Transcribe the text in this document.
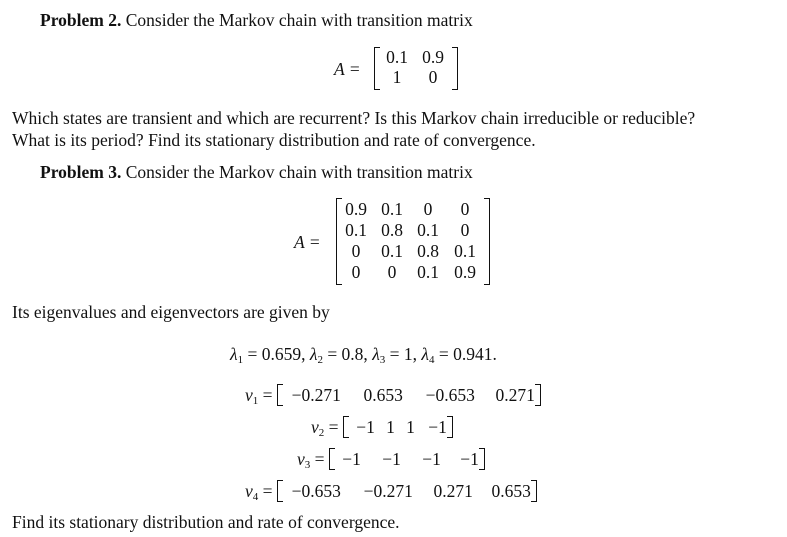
Problem 2. Consider the Markov chain with transition matrix
A =
0.1 0.9
1	0
Which states are transient and which are recurrent? Is this Markov chain irreducible or reducible?
What is its period? Find its stationary distribution and rate of convergence.
Problem 3. Consider the Markov chain with transition matrix
A =
0.9 0.1	0	0
0.1 0.8 0.1	0
0	0.1 0.8 0.1
0	0	0.1 0.9
Its eigenvalues and eigenvectors are given by
$\lambda_1 = 0.659$, $\lambda_2 = 0.8$, $\lambda_3 = 1$, $\lambda_4 = 0.941$.
$v_1 = -0.271$ 0.653 −0.653 0.271
$v_2 = -1$ 1 1 −1
$v_3 = -1 -1 -1 -1$
$v_4 = -0.653 -0.271$ 0.271 0.653
Find its stationary distribution and rate of convergence.
